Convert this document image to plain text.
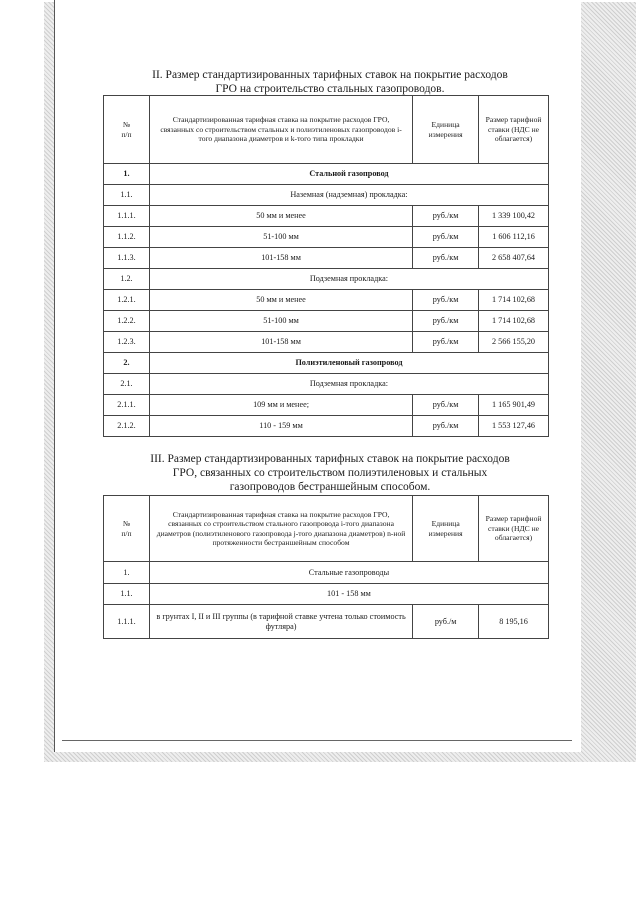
II. Размер стандартизированных тарифных ставок на покрытие расходов
ГРО на строительство стальных газопроводов.
№
п/п	Стандартизированная тарифная ставка на покрытие расходов ГРО, связанных со строительством стальных и полиэтиленовых газопроводов i-того диапазона диаметров и k-того типа прокладки	Единица измерения	Размер тарифной ставки (НДС не облагается)
1.	Стальной газопровод		
1.1.	Наземная (надземная) прокладка:		
1.1.1.	50 мм и менее	руб./км	1 339 100,42
1.1.2.	51-100 мм	руб./км	1 606 112,16
1.1.3.	101-158 мм	руб./км	2 658 407,64
1.2.	Подземная прокладка:		
1.2.1.	50 мм и менее	руб./км	1 714 102,68
1.2.2.	51-100 мм	руб./км	1 714 102,68
1.2.3.	101-158 мм	руб./км	2 566 155,20
2.	Полиэтиленовый газопровод		
2.1.	Подземная прокладка:		
2.1.1.	109 мм и менее;	руб./км	1 165 901,49
2.1.2.	110 - 159 мм	руб./км	1 553 127,46
III. Размер стандартизированных тарифных ставок на покрытие расходов
ГРО, связанных со строительством полиэтиленовых и стальных
газопроводов бестраншейным способом.
№
п/п	Стандартизированная тарифная ставка на покрытие расходов ГРО, связанных со строительством стального газопровода i-того диапазона диаметров (полиэтиленового газопровода j-того диапазона диаметров) n-ной протяженности бестраншейным способом	Единица измерения	Размер тарифной ставки (НДС не облагается)
1.	Стальные газопроводы		
1.1.	101 - 158 мм		
1.1.1.	в грунтах I, II и III группы (в тарифной ставке учтена только стоимость футляра)	руб./м	8 195,16
